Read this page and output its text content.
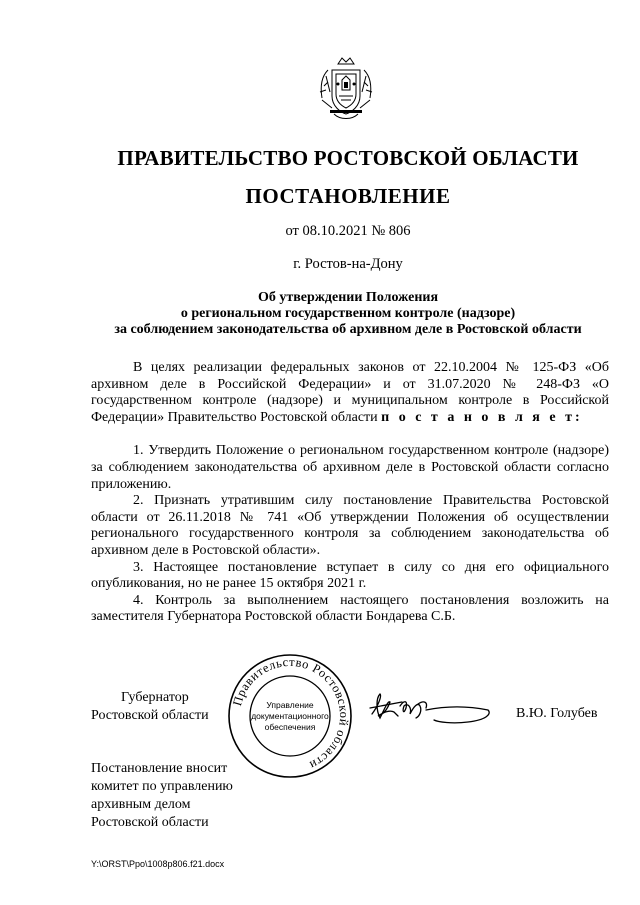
ПРАВИТЕЛЬСТВО РОСТОВСКОЙ ОБЛАСТИ
ПОСТАНОВЛЕНИЕ
от 08.10.2021 № 806
г. Ростов-на-Дону
Об утверждении Положения
о региональном государственном контроле (надзоре)
за соблюдением законодательства об архивном деле в Ростовской области

В целях реализации федеральных законов от 22.10.2004 № 125-ФЗ «Об архивном деле в Российской Федерации» и от 31.07.2020 № 248-ФЗ «О государственном контроле (надзоре) и муниципальном контроле в Российской Федерации» Правительство Ростовской области п о с т а н о в л я е т:

1. Утвердить Положение о региональном государственном контроле (надзоре) за соблюдением законодательства об архивном деле в Ростовской области согласно приложению.

2. Признать утратившим силу постановление Правительства Ростовской области от 26.11.2018 № 741 «Об утверждении Положения об осуществлении регионального государственного контроля за соблюдением законодательства об архивном деле в Ростовской области».

3. Настоящее постановление вступает в силу со дня его официального опубликования, но не ранее 15 октября 2021 г.

4. Контроль за выполнением настоящего постановления возложить на заместителя Губернатора Ростовской области Бондарева С.Б.

Губернатор
Ростовской области
Правительство Ростовской области
Управление
документационного
обеспечения
В.Ю. Голубев
Постановление вносит
комитет по управлению
архивным делом
Ростовской области
Y:\ORST\Ppo\1008p806.f21.docx
